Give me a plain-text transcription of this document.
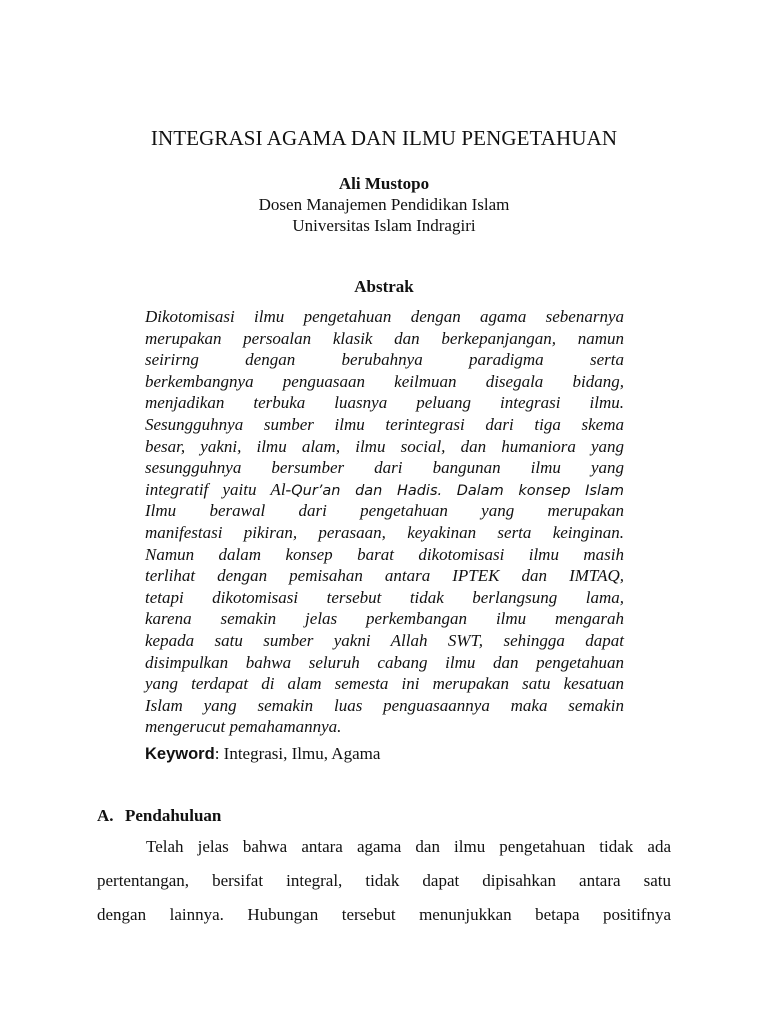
INTEGRASI AGAMA DAN ILMU PENGETAHUAN
Ali Mustopo
Dosen Manajemen Pendidikan Islam
Universitas Islam Indragiri
Abstrak
Dikotomisasi ilmu pengetahuan dengan agama sebenarnya
merupakan persoalan klasik dan berkepanjangan, namun
seirirng dengan berubahnya paradigma serta
berkembangnya penguasaan keilmuan disegala bidang,
menjadikan terbuka luasnya peluang integrasi ilmu.
Sesungguhnya sumber ilmu terintegrasi dari tiga skema
besar, yakni, ilmu alam, ilmu social, dan humaniora yang
sesungguhnya bersumber dari bangunan ilmu yang
integratif yaitu Al-Qur’an dan Hadis. Dalam konsep Islam
Ilmu berawal dari pengetahuan yang merupakan
manifestasi pikiran, perasaan, keyakinan serta keinginan.
Namun dalam konsep barat dikotomisasi ilmu masih
terlihat dengan pemisahan antara IPTEK dan IMTAQ,
tetapi dikotomisasi tersebut tidak berlangsung lama,
karena semakin jelas perkembangan ilmu mengarah
kepada satu sumber yakni Allah SWT, sehingga dapat
disimpulkan bahwa seluruh cabang ilmu dan pengetahuan
yang terdapat di alam semesta ini merupakan satu kesatuan
Islam yang semakin luas penguasaannya maka semakin
mengerucut pemahamannya.
Keyword: Integrasi, Ilmu, Agama
A. Pendahuluan
Telah jelas bahwa antara agama dan ilmu pengetahuan tidak ada
pertentangan, bersifat integral, tidak dapat dipisahkan antara satu
dengan lainnya. Hubungan tersebut menunjukkan betapa positifnya
